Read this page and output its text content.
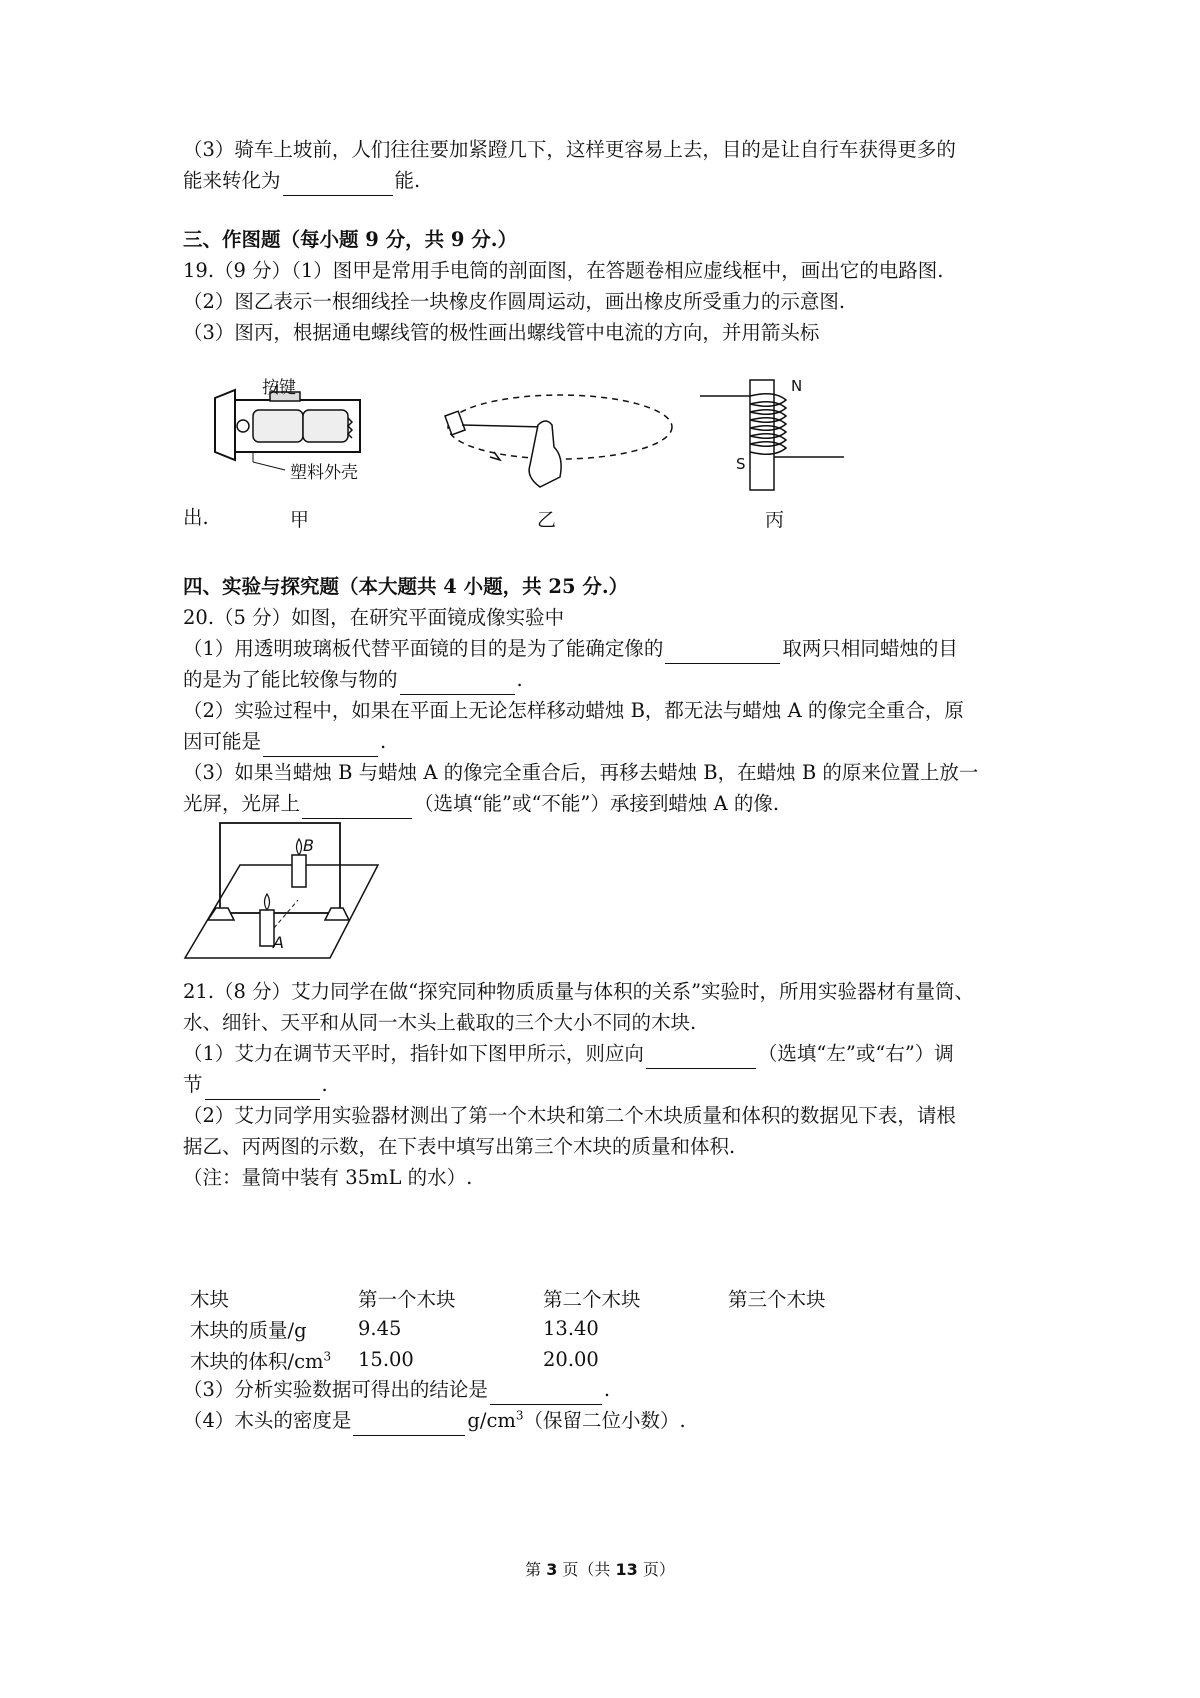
（3）骑车上坡前，人们往往要加紧蹬几下，这样更容易上去，目的是让自行车获得更多的
能来转化为	能.
三、作图题（每小题 9 分，共 9 分.）
19.（9 分）（1）图甲是常用手电筒的剖面图，在答题卷相应虚线框中，画出它的电路图.
（2）图乙表示一根细线拴一块橡皮作圆周运动，画出橡皮所受重力的示意图.
（3）图丙，根据通电螺线管的极性画出螺线管中电流的方向，并用箭头标
出.
按键
塑料外壳
甲	乙
N
S
丙
四、实验与探究题（本大题共 4 小题，共 25 分.）
20.（5 分）如图，在研究平面镜成像实验中
（1）用透明玻璃板代替平面镜的目的是为了能确定像的	取两只相同蜡烛的目
的是为了能比较像与物的	.
（2）实验过程中，如果在平面上无论怎样移动蜡烛 B，都无法与蜡烛 A 的像完全重合，原
因可能是	.
（3）如果当蜡烛 B 与蜡烛 A 的像完全重合后，再移去蜡烛 B，在蜡烛 B 的原来位置上放一
光屏，光屏上	（选填“能”或“不能”）承接到蜡烛 A 的像.
B
A
21.（8 分）艾力同学在做“探究同种物质质量与体积的关系”实验时，所用实验器材有量筒、
水、细针、天平和从同一木头上截取的三个大小不同的木块.
（1）艾力在调节天平时，指针如下图甲所示，则应向	（选填“左”或“右”）调
节	.
（2）艾力同学用实验器材测出了第一个木块和第二个木块质量和体积的数据见下表，请根
据乙、丙两图的示数，在下表中填写出第三个木块的质量和体积.
（注：量筒中装有 35mL 的水）.
木块	第一个木块	第二个木块	第三个木块
木块的质量/g	9.45	13.40	
木块的体积$/cm^3$	15.00	20.00	
（3）分析实验数据可得出的结论是	.
（4）木头的密度是	$g/cm^3$（保留二位小数）.
第 3 页（共 13 页）
